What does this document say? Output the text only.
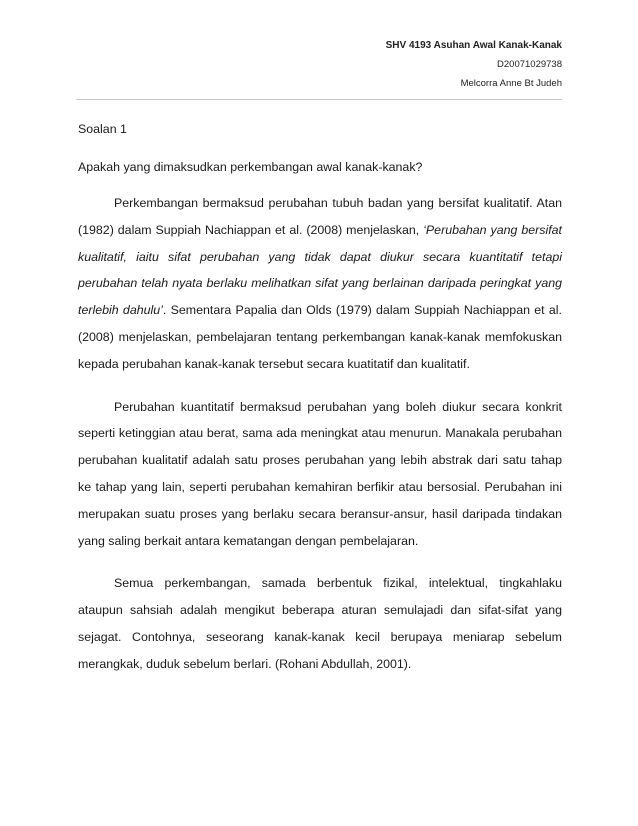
SHV 4193 Asuhan Awal Kanak-Kanak
D20071029738
Melcorra Anne Bt Judeh

Soalan 1

Apakah yang dimaksudkan perkembangan awal kanak-kanak?

Perkembangan bermaksud perubahan tubuh badan yang bersifat kualitatif. Atan (1982) dalam Suppiah Nachiappan et al. (2008) menjelaskan, ‘Perubahan yang bersifat kualitatif, iaitu sifat perubahan yang tidak dapat diukur secara kuantitatif tetapi perubahan telah nyata berlaku melihatkan sifat yang berlainan daripada peringkat yang terlebih dahulu’. Sementara Papalia dan Olds (1979) dalam Suppiah Nachiappan et al. (2008) menjelaskan, pembelajaran tentang perkembangan kanak-kanak memfokuskan kepada perubahan kanak-kanak tersebut secara kuatitatif dan kualitatif.

Perubahan kuantitatif bermaksud perubahan yang boleh diukur secara konkrit seperti ketinggian atau berat, sama ada meningkat atau menurun. Manakala perubahan perubahan kualitatif adalah satu proses perubahan yang lebih abstrak dari satu tahap ke tahap yang lain, seperti perubahan kemahiran berfikir atau bersosial. Perubahan ini merupakan suatu proses yang berlaku secara beransur-ansur, hasil daripada tindakan yang saling berkait antara kematangan dengan pembelajaran.

Semua perkembangan, samada berbentuk fizikal, intelektual, tingkahlaku ataupun sahsiah adalah mengikut beberapa aturan semulajadi dan sifat-sifat yang sejagat. Contohnya, seseorang kanak-kanak kecil berupaya meniarap sebelum merangkak, duduk sebelum berlari. (Rohani Abdullah, 2001).
